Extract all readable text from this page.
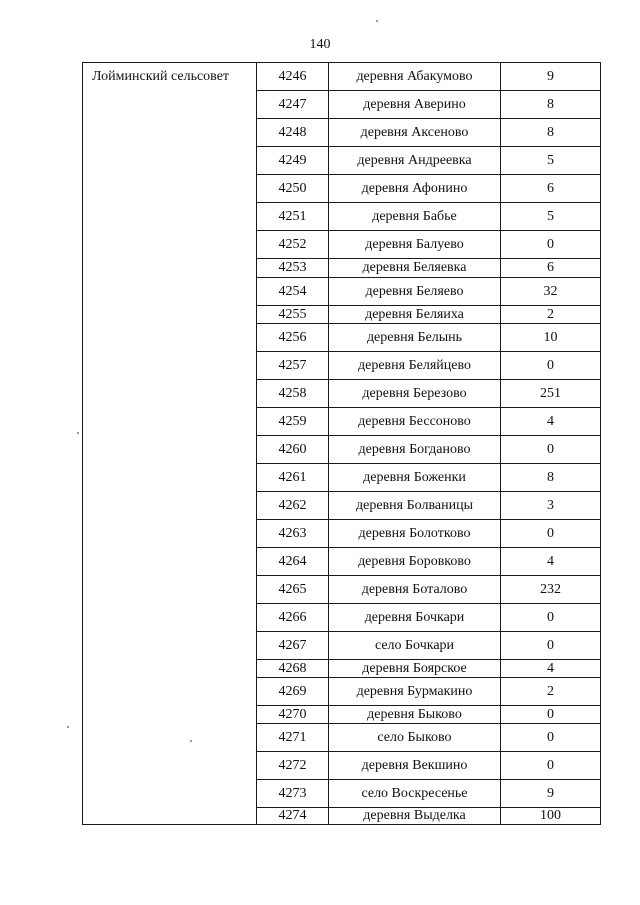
140
Лойминский сельсовет	4246	деревня Абакумово	9
	4247	деревня Аверино	8
	4248	деревня Аксеново	8
	4249	деревня Андреевка	5
	4250	деревня Афонино	6
	4251	деревня Бабье	5
	4252	деревня Балуево	0
	4253	деревня Беляевка	6
	4254	деревня Беляево	32
	4255	деревня Беляиха	2
	4256	деревня Белынь	10
	4257	деревня Беляйцево	0
	4258	деревня Березово	251
	4259	деревня Бессоново	4
	4260	деревня Богданово	0
	4261	деревня Боженки	8
	4262	деревня Болваницы	3
	4263	деревня Болотково	0
	4264	деревня Боровково	4
	4265	деревня Боталово	232
	4266	деревня Бочкари	0
	4267	село Бочкари	0
	4268	деревня Боярское	4
	4269	деревня Бурмакино	2
	4270	деревня Быково	0
	4271	село Быково	0
	4272	деревня Векшино	0
	4273	село Воскресенье	9
	4274	деревня Выделка	100
